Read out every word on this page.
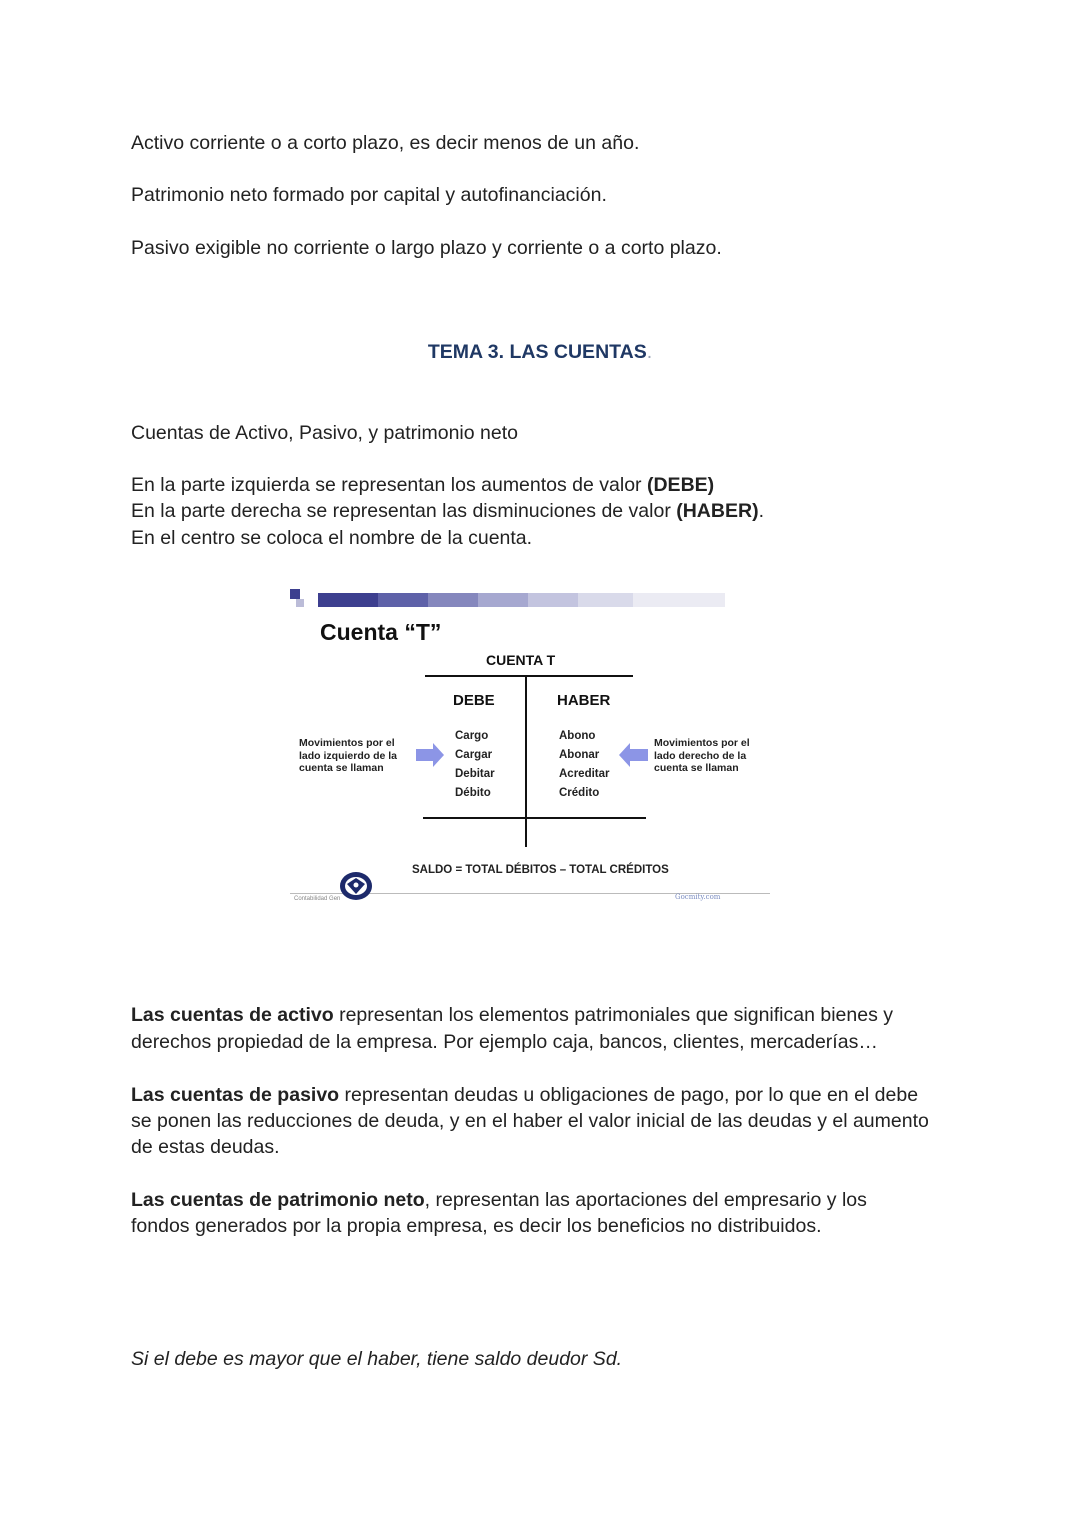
Activo corriente o a corto plazo, es decir menos de un año.

Patrimonio neto formado por capital y autofinanciación.

Pasivo exigible no corriente o largo plazo y corriente o a corto plazo.

TEMA 3. LAS CUENTAS.

Cuentas de Activo, Pasivo, y patrimonio neto

En la parte izquierda se representan los aumentos de valor (DEBE)

En la parte derecha se representan las disminuciones de valor (HABER).

En el centro se coloca el nombre de la cuenta.

Cuenta “T”
CUENTA T
DEBE	HABER
Cargo
Cargar
Debitar
Débito
Abono
Abonar
Acreditar
Crédito
Movimientos por el lado izquierdo de la cuenta se llaman
Movimientos por el lado derecho de la cuenta se llaman
SALDO = TOTAL DÉBITOS – TOTAL CRÉDITOS
Contabilidad Gen	Gocmity.com

Las cuentas de activo representan los elementos patrimoniales que significan bienes y

derechos propiedad de la empresa. Por ejemplo caja, bancos, clientes, mercaderías…

Las cuentas de pasivo representan deudas u obligaciones de pago, por lo que en el debe

se ponen las reducciones de deuda, y en el haber el valor inicial de las deudas y el aumento

de estas deudas.

Las cuentas de patrimonio neto, representan las aportaciones del empresario y los

fondos generados por la propia empresa, es decir los beneficios no distribuidos.

Si el debe es mayor que el haber, tiene saldo deudor Sd.
